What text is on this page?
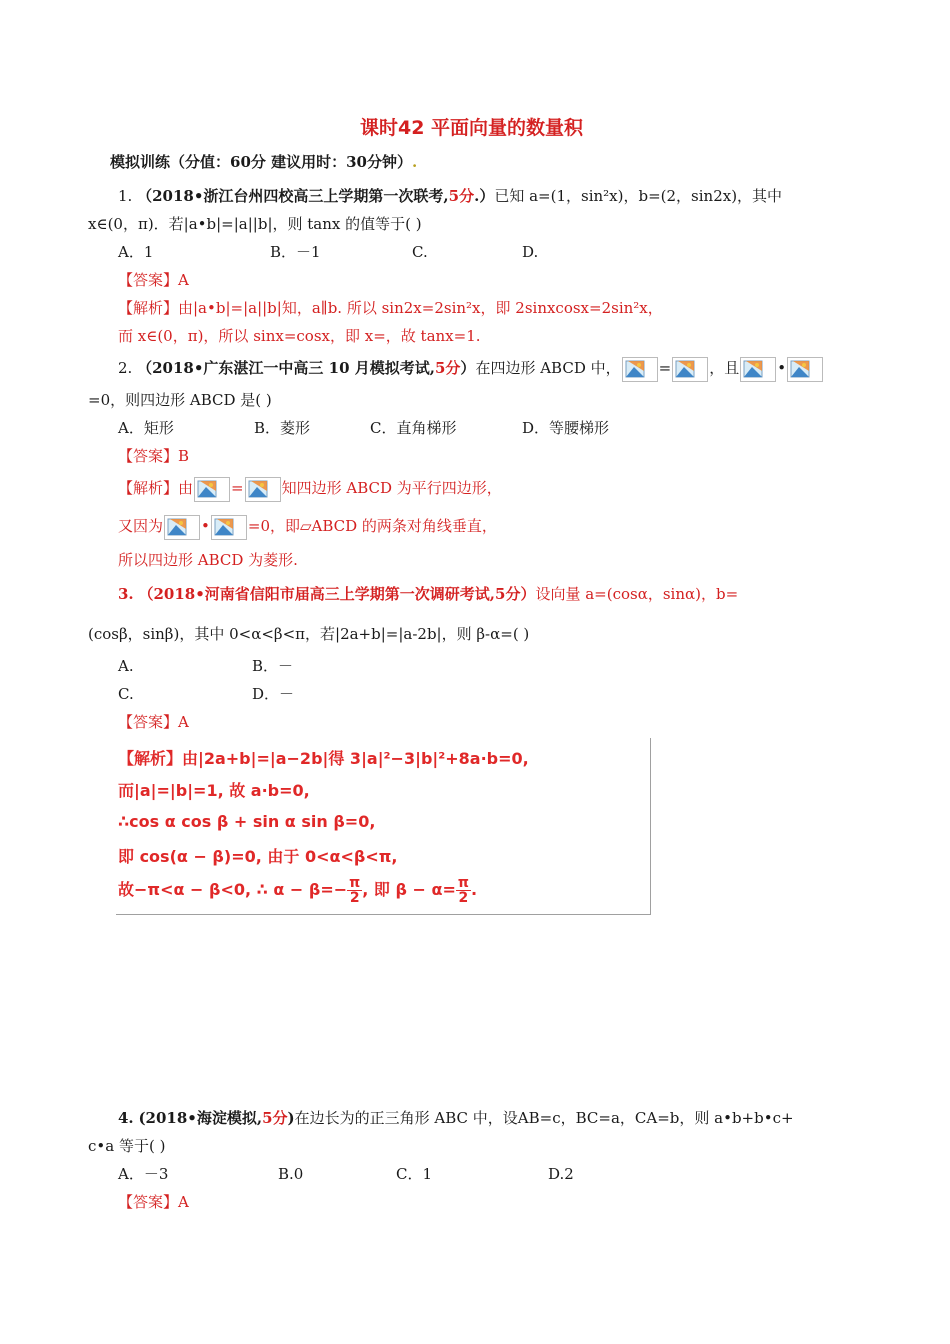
课时42 平面向量的数量积
模拟训练（分值：60分 建议用时：30分钟）.
1. （2018•浙江台州四校高三上学期第一次联考,5分.）已知 a=(1，sin²x)，b=(2，sin2x)，其中
x∈(0，π)．若|a•b|=|a||b|，则 tanx 的值等于( )
A．1	B．－1	C.	D.
【答案】A
【解析】由|a•b|=|a||b|知，a∥b. 所以 sin2x=2sin²x，即 2sinxcosx=2sin²x，
而 x∈(0，π)，所以 sinx=cosx，即 x=，故 tanx=1.
2. （2018•广东湛江一中高三 10 月模拟考试,5分）在四边形 ABCD 中，	=	，且	•
=0，则四边形 ABCD 是( )
A．矩形	B．菱形	C．直角梯形	D．等腰梯形
【答案】B
【解析】由	=	知四边形 ABCD 为平行四边形，
又因为	•	=0，即▱ABCD 的两条对角线垂直，
所以四边形 ABCD 为菱形.
3. （2018•河南省信阳市届高三上学期第一次调研考试,5分）设向量 a=(cosα，sinα)，b=
(cosβ，sinβ)，其中 0<α<β<π，若|2a+b|=|a-2b|，则 β-α=( )
A.	B．－
C.	D．－
【答案】A
【解析】由|2a+b|=|a−2b|得 3|a|²−3|b|²+8a·b=0,
而|a|=|b|=1, 故 a·b=0,
∴cos α cos β + sin α sin β=0,
即 cos(α − β)=0, 由于 0<α<β<π,
故−π<α − β<0, ∴ $\alpha - \beta=- \frac{\pi}{2}$ , 即 $\beta - \alpha= \frac{\pi}{2}$ .
4. (2018•海淀模拟,5分)在边长为的正三角形 ABC 中，设AB=c，BC=a，CA=b，则 a•b+b•c+
c•a 等于( )
A．－3	B.0	C．1	D.2
【答案】A
